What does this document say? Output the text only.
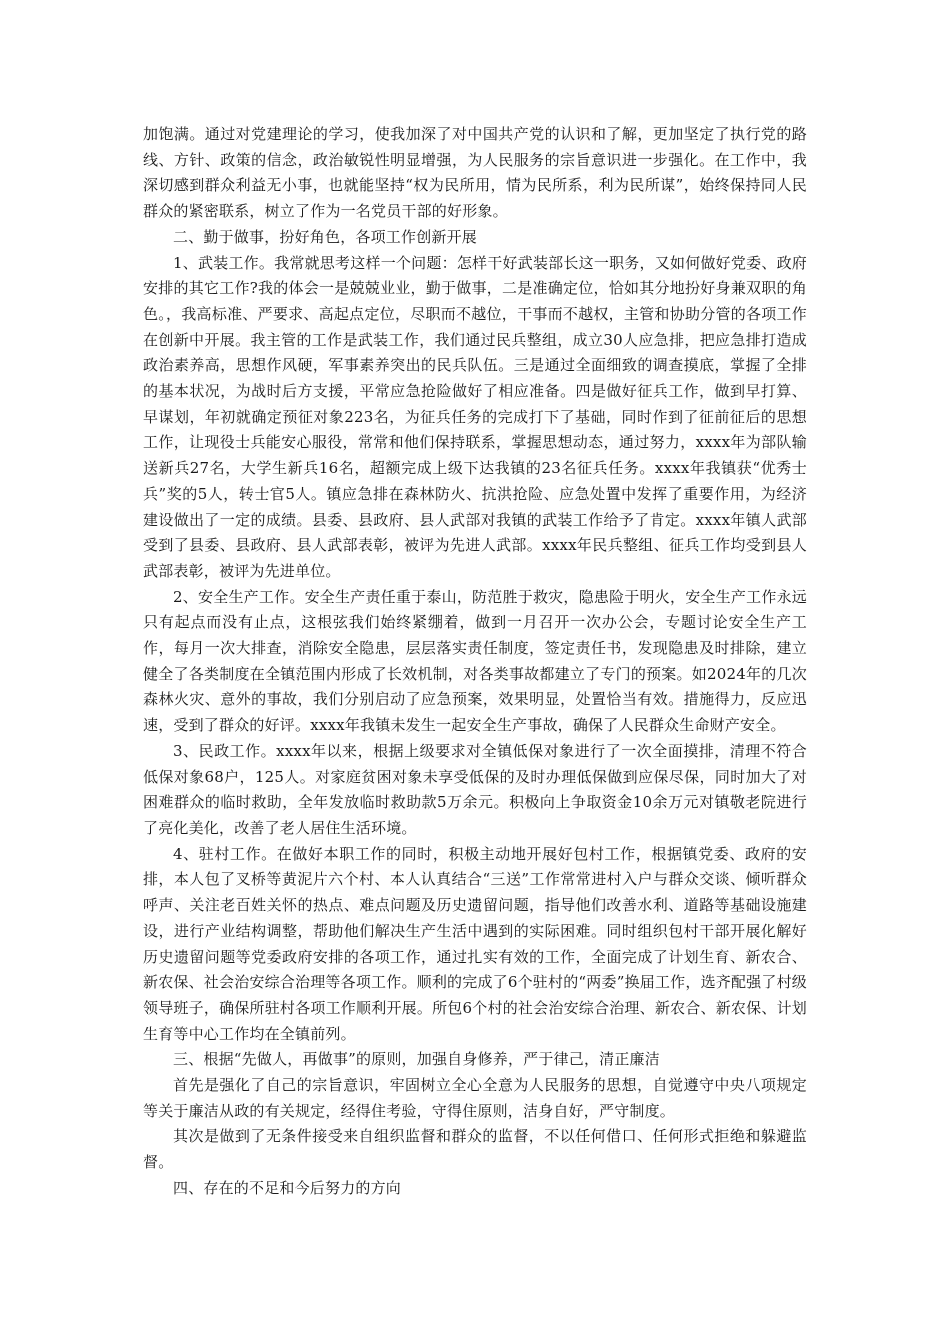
加饱满。通过对党建理论的学习，使我加深了对中国共产党的认识和了解，更加坚定了执行党的路线、方针、政策的信念，政治敏锐性明显增强，为人民服务的宗旨意识进一步强化。在工作中，我深切感到群众利益无小事，也就能坚持“权为民所用，情为民所系，利为民所谋”，始终保持同人民群众的紧密联系，树立了作为一名党员干部的好形象。

二、勤于做事，扮好角色，各项工作创新开展

1、武装工作。我常就思考这样一个问题：怎样干好武装部长这一职务，又如何做好党委、政府安排的其它工作?我的体会一是兢兢业业，勤于做事，二是准确定位，恰如其分地扮好身兼双职的角色。，我高标准、严要求、高起点定位，尽职而不越位，干事而不越权，主管和协助分管的各项工作在创新中开展。我主管的工作是武装工作，我们通过民兵整组，成立30人应急排，把应急排打造成政治素养高，思想作风硬，军事素养突出的民兵队伍。三是通过全面细致的调查摸底，掌握了全排的基本状况，为战时后方支援，平常应急抢险做好了相应准备。四是做好征兵工作，做到早打算、早谋划，年初就确定预征对象223名，为征兵任务的完成打下了基础，同时作到了征前征后的思想工作，让现役士兵能安心服役，常常和他们保持联系，掌握思想动态，通过努力，xxxx年为部队输送新兵27名，大学生新兵16名，超额完成上级下达我镇的23名征兵任务。xxxx年我镇获“优秀士兵”奖的5人，转士官5人。镇应急排在森林防火、抗洪抢险、应急处置中发挥了重要作用，为经济建设做出了一定的成绩。县委、县政府、县人武部对我镇的武装工作给予了肯定。xxxx年镇人武部受到了县委、县政府、县人武部表彰，被评为先进人武部。xxxx年民兵整组、征兵工作均受到县人武部表彰，被评为先进单位。

2、安全生产工作。安全生产责任重于泰山，防范胜于救灾，隐患险于明火，安全生产工作永远只有起点而没有止点，这根弦我们始终紧绷着，做到一月召开一次办公会，专题讨论安全生产工作，每月一次大排查，消除安全隐患，层层落实责任制度，签定责任书，发现隐患及时排除，建立健全了各类制度在全镇范围内形成了长效机制，对各类事故都建立了专门的预案。如2024年的几次森林火灾、意外的事故，我们分别启动了应急预案，效果明显，处置恰当有效。措施得力，反应迅速，受到了群众的好评。xxxx年我镇未发生一起安全生产事故，确保了人民群众生命财产安全。

3、民政工作。xxxx年以来，根据上级要求对全镇低保对象进行了一次全面摸排，清理不符合低保对象68户，125人。对家庭贫困对象未享受低保的及时办理低保做到应保尽保，同时加大了对困难群众的临时救助，全年发放临时救助款5万余元。积极向上争取资金10余万元对镇敬老院进行了亮化美化，改善了老人居住生活环境。

4、驻村工作。在做好本职工作的同时，积极主动地开展好包村工作，根据镇党委、政府的安排，本人包了叉桥等黄泥片六个村、本人认真结合“三送”工作常常进村入户与群众交谈、倾听群众呼声、关注老百姓关怀的热点、难点问题及历史遗留问题，指导他们改善水利、道路等基础设施建设，进行产业结构调整，帮助他们解决生产生活中遇到的实际困难。同时组织包村干部开展化解好历史遗留问题等党委政府安排的各项工作，通过扎实有效的工作，全面完成了计划生育、新农合、新农保、社会治安综合治理等各项工作。顺利的完成了6个驻村的“两委”换届工作，选齐配强了村级领导班子，确保所驻村各项工作顺利开展。所包6个村的社会治安综合治理、新农合、新农保、计划生育等中心工作均在全镇前列。

三、根据“先做人，再做事”的原则，加强自身修养，严于律己，清正廉洁

首先是强化了自己的宗旨意识，牢固树立全心全意为人民服务的思想，自觉遵守中央八项规定等关于廉洁从政的有关规定，经得住考验，守得住原则，洁身自好，严守制度。

其次是做到了无条件接受来自组织监督和群众的监督，不以任何借口、任何形式拒绝和躲避监督。

四、存在的不足和今后努力的方向
